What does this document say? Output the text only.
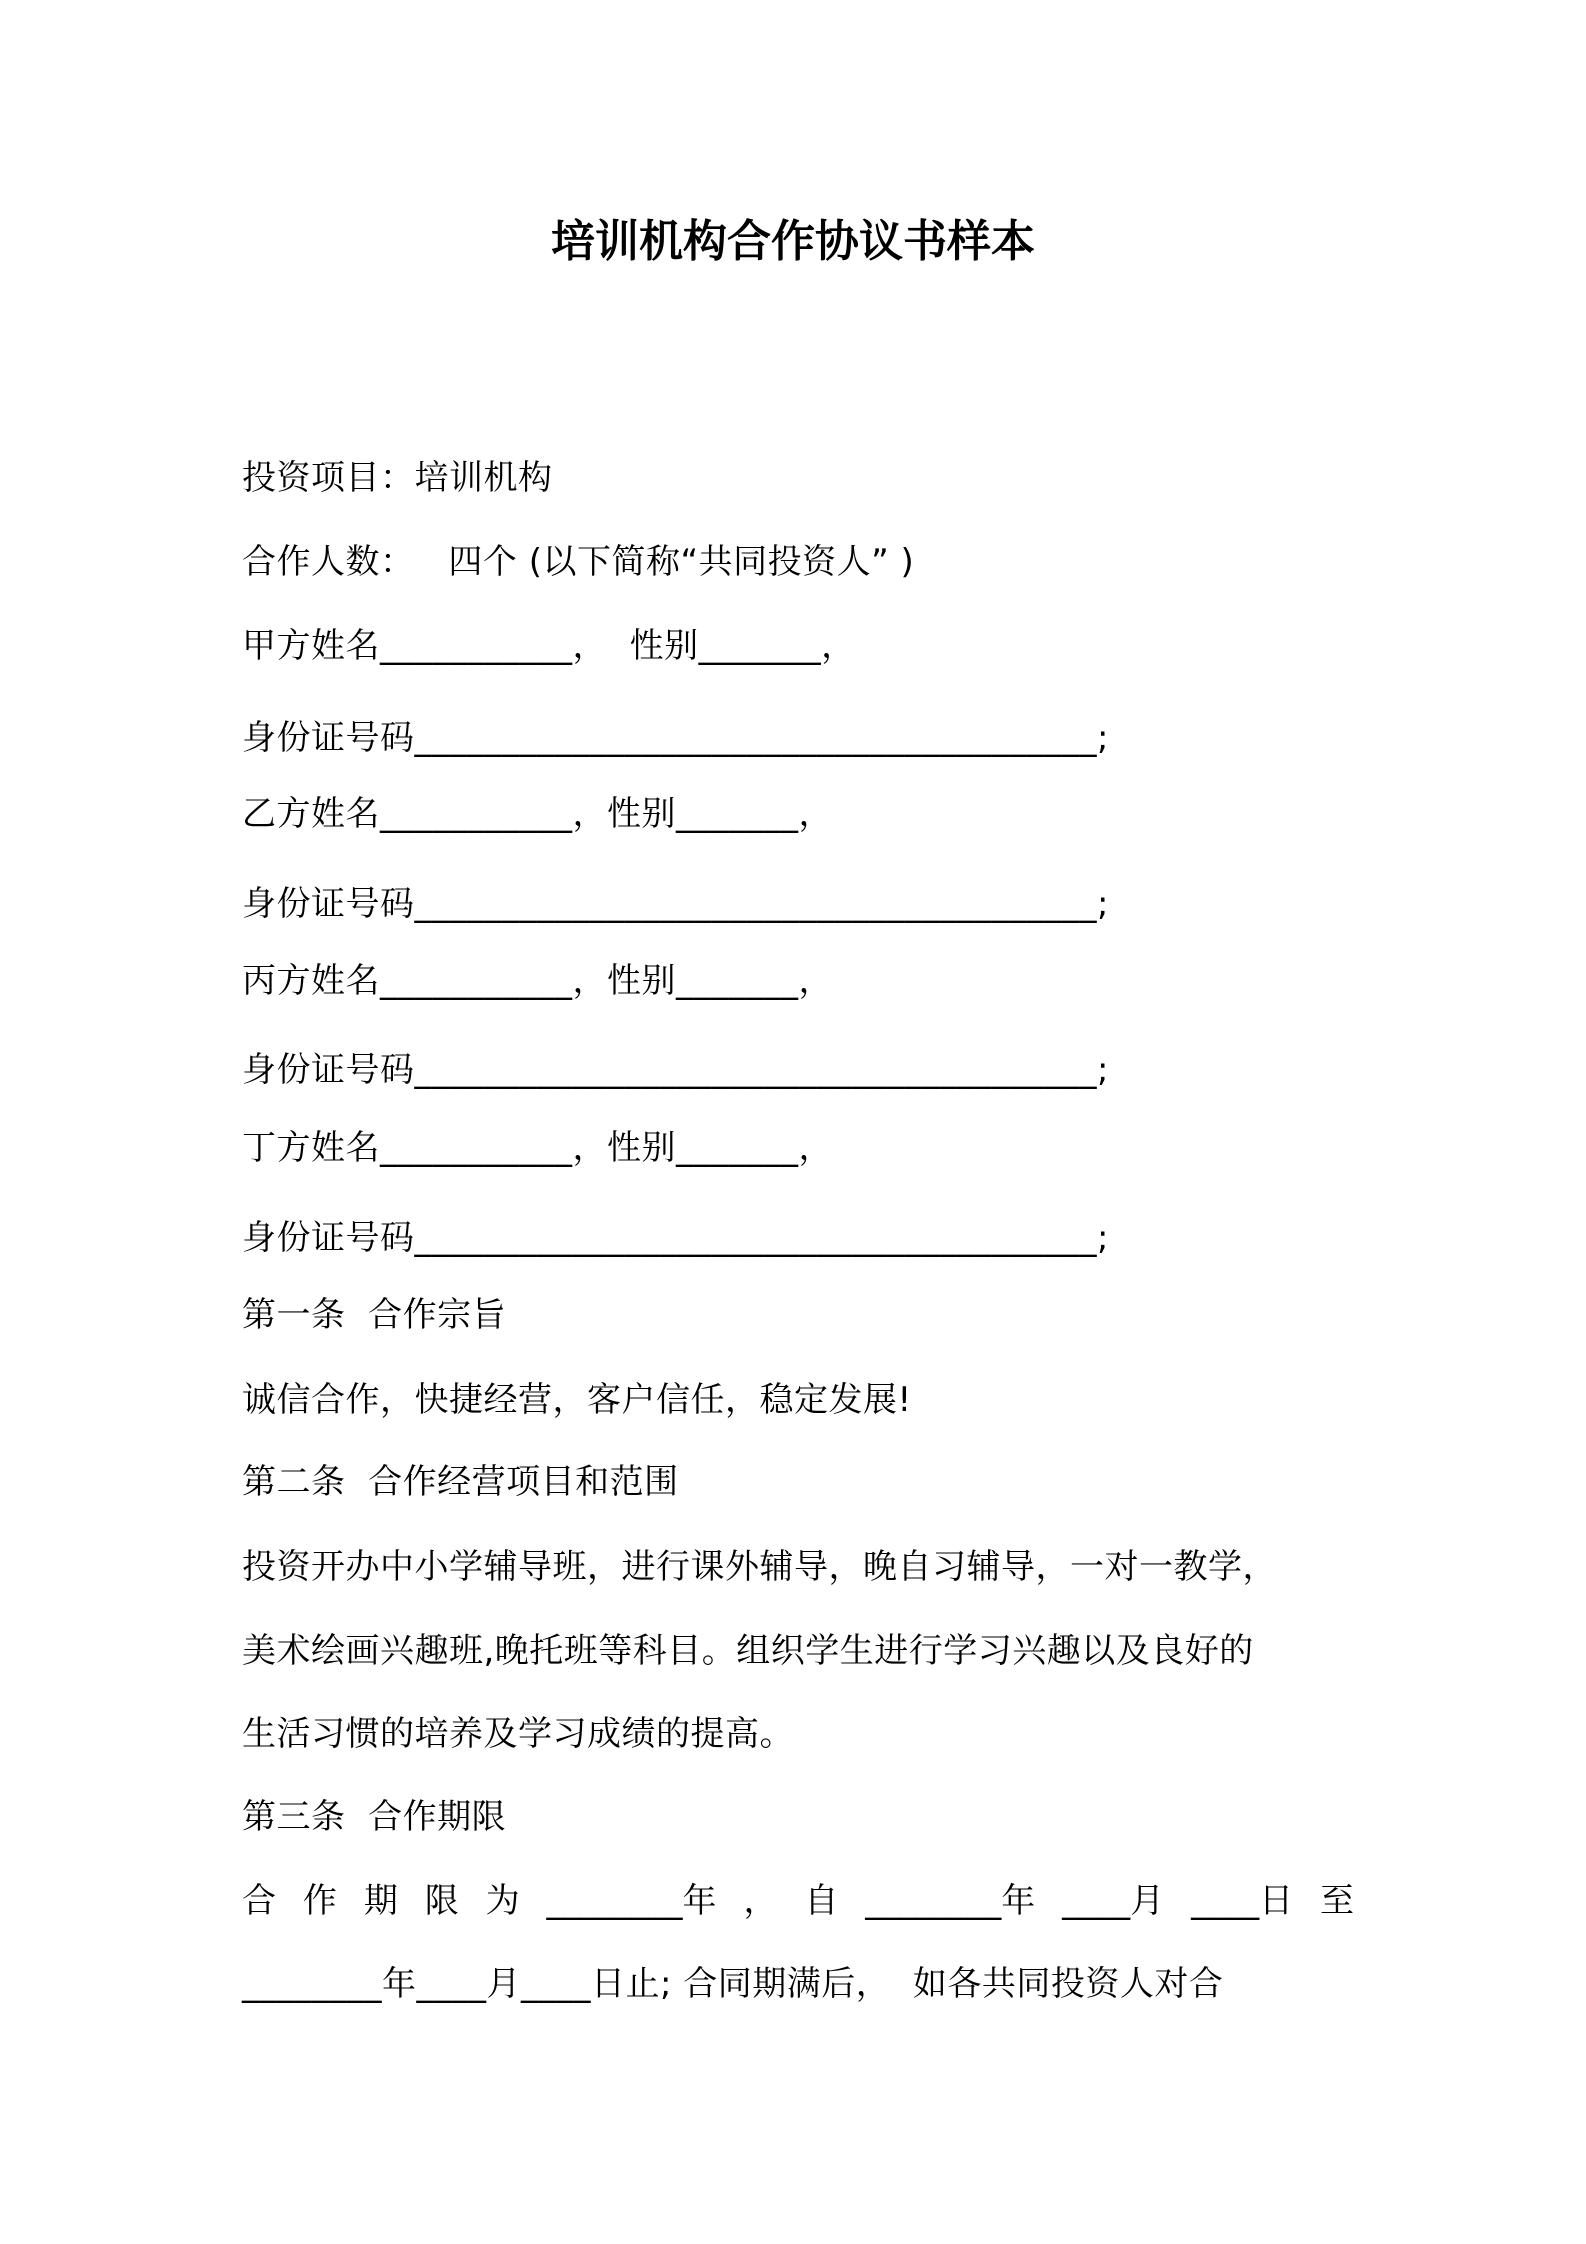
培训机构合作协议书样本
投资项目：培训机构
合作人数：   四个 (以下简称“共同投资人” )
甲方姓名___________，  性别_______，
身份证号码_______________________________________;
乙方姓名___________，性别_______，
身份证号码_______________________________________;
丙方姓名___________，性别_______，
身份证号码_______________________________________;
丁方姓名___________，性别_______，
身份证号码_______________________________________;
第一条  合作宗旨
诚信合作，快捷经营，客户信任，稳定发展!
第二条  合作经营项目和范围
投资开办中小学辅导班，进行课外辅导，晚自习辅导，一对一教学，
美术绘画兴趣班,晚托班等科目。组织学生进行学习兴趣以及良好的
生活习惯的培养及学习成绩的提高。
第三条  合作期限
合 作 期 限 为 ________年 ， 自 ________年 ____月 ____日 至
________年____月____日止; 合同期满后，  如各共同投资人对合
